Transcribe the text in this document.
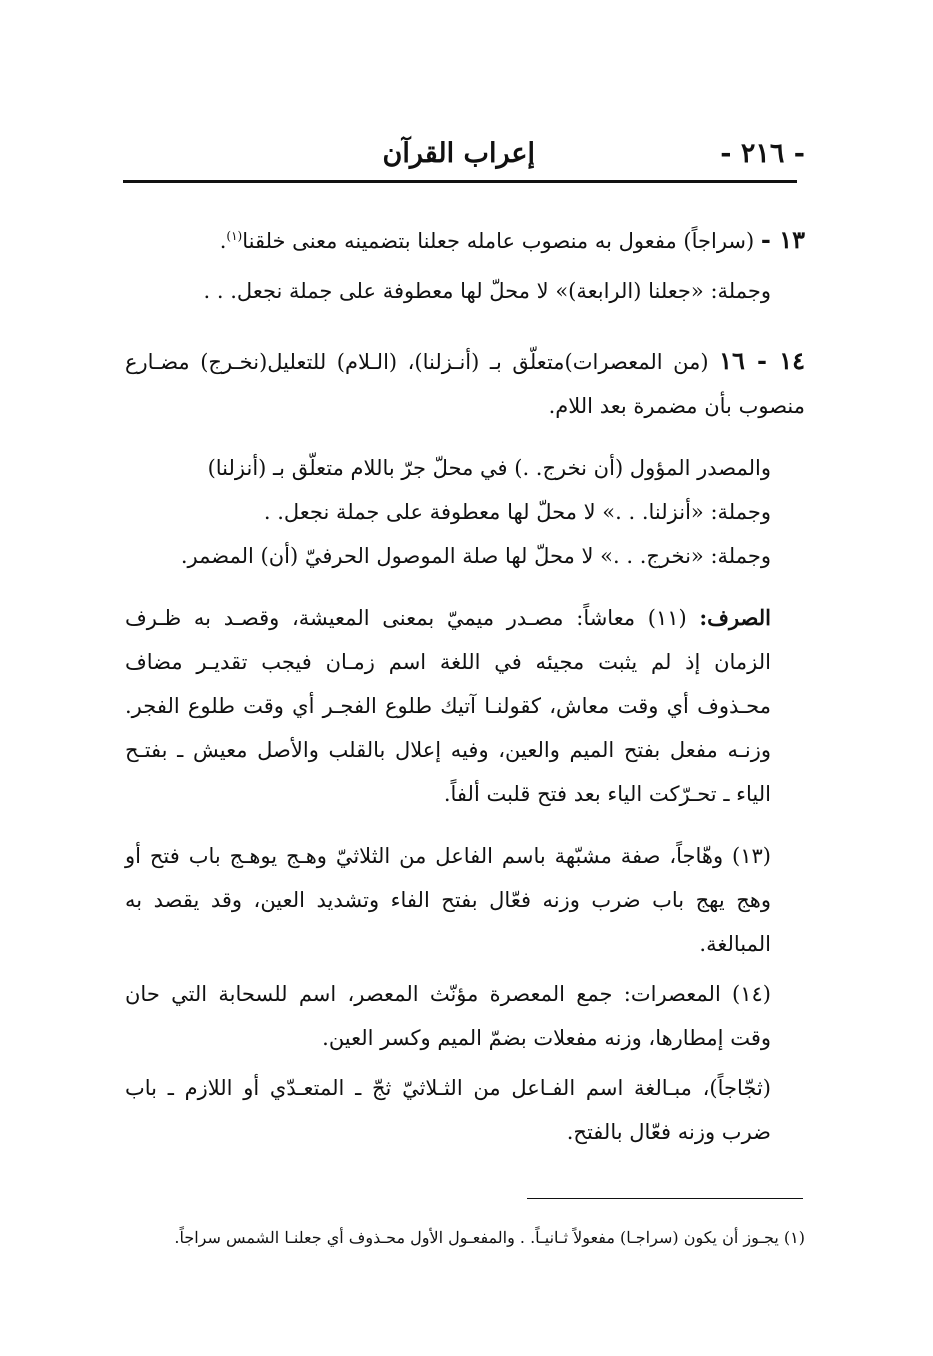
- ٢١٦ -
إعراب القرآن

١٣ - (سراجاً) مفعول به منصوب عامله جعلنا بتضمينه معنى خلقنا$^{(١)}$.

وجملة: «جعلنا (الرابعة)» لا محلّ لها معطوفة على جملة نجعل. . .

١٤ - ١٦ (من المعصرات)متعلّق بـ (أنـزلنا)، (الـلام) للتعليل(نخـرج) مضـارع منصوب بأن مضمرة بعد اللام.

والمصدر المؤول (أن نخرج. .) في محلّ جرّ باللام متعلّق بـ (أنزلنا)

وجملة: «أنزلنا. . .» لا محلّ لها معطوفة على جملة نجعل. .

وجملة: «نخرج. . .» لا محلّ لها صلة الموصول الحرفيّ (أن) المضمر.

الصرف: (١١) معاشاً: مصـدر ميميّ بمعنى المعيشة، وقصـد به ظـرف الزمان إذ لم يثبت مجيئه في اللغة اسم زمـان فيجب تقديـر مضاف محـذوف أي وقت معاش، كقولنـا آتيك طلوع الفجـر أي وقت طلوع الفجر. وزنـه مفعل بفتح الميم والعين، وفيه إعلال بالقلب والأصل معيش ـ بفتـح الياء ـ تحـرّكت الياء بعد فتح قلبت ألفاً.

(١٣) وهّاجاً، صفة مشبّهة باسم الفاعل من الثلاثيّ وهـج يوهـج باب فتح أو وهج يهج باب ضرب وزنه فعّال بفتح الفاء وتشديد العين، وقد يقصد به المبالغة.

(١٤) المعصرات: جمع المعصرة مؤنّث المعصر، اسم للسحابة التي حان وقت إمطارها، وزنه مفعلات بضمّ الميم وكسر العين.

(ثجّاجاً)، مبـالغة اسم الفـاعل من الثـلاثيّ ثجّ ـ المتعـدّي أو اللازم ـ باب ضرب وزنه فعّال بالفتح.

(١) يجـوز أن يكون (سراجـا) مفعولاً ثـانيـاً. . والمفعـول الأول محـذوف أي جعلنـا الشمس سراجاً.
